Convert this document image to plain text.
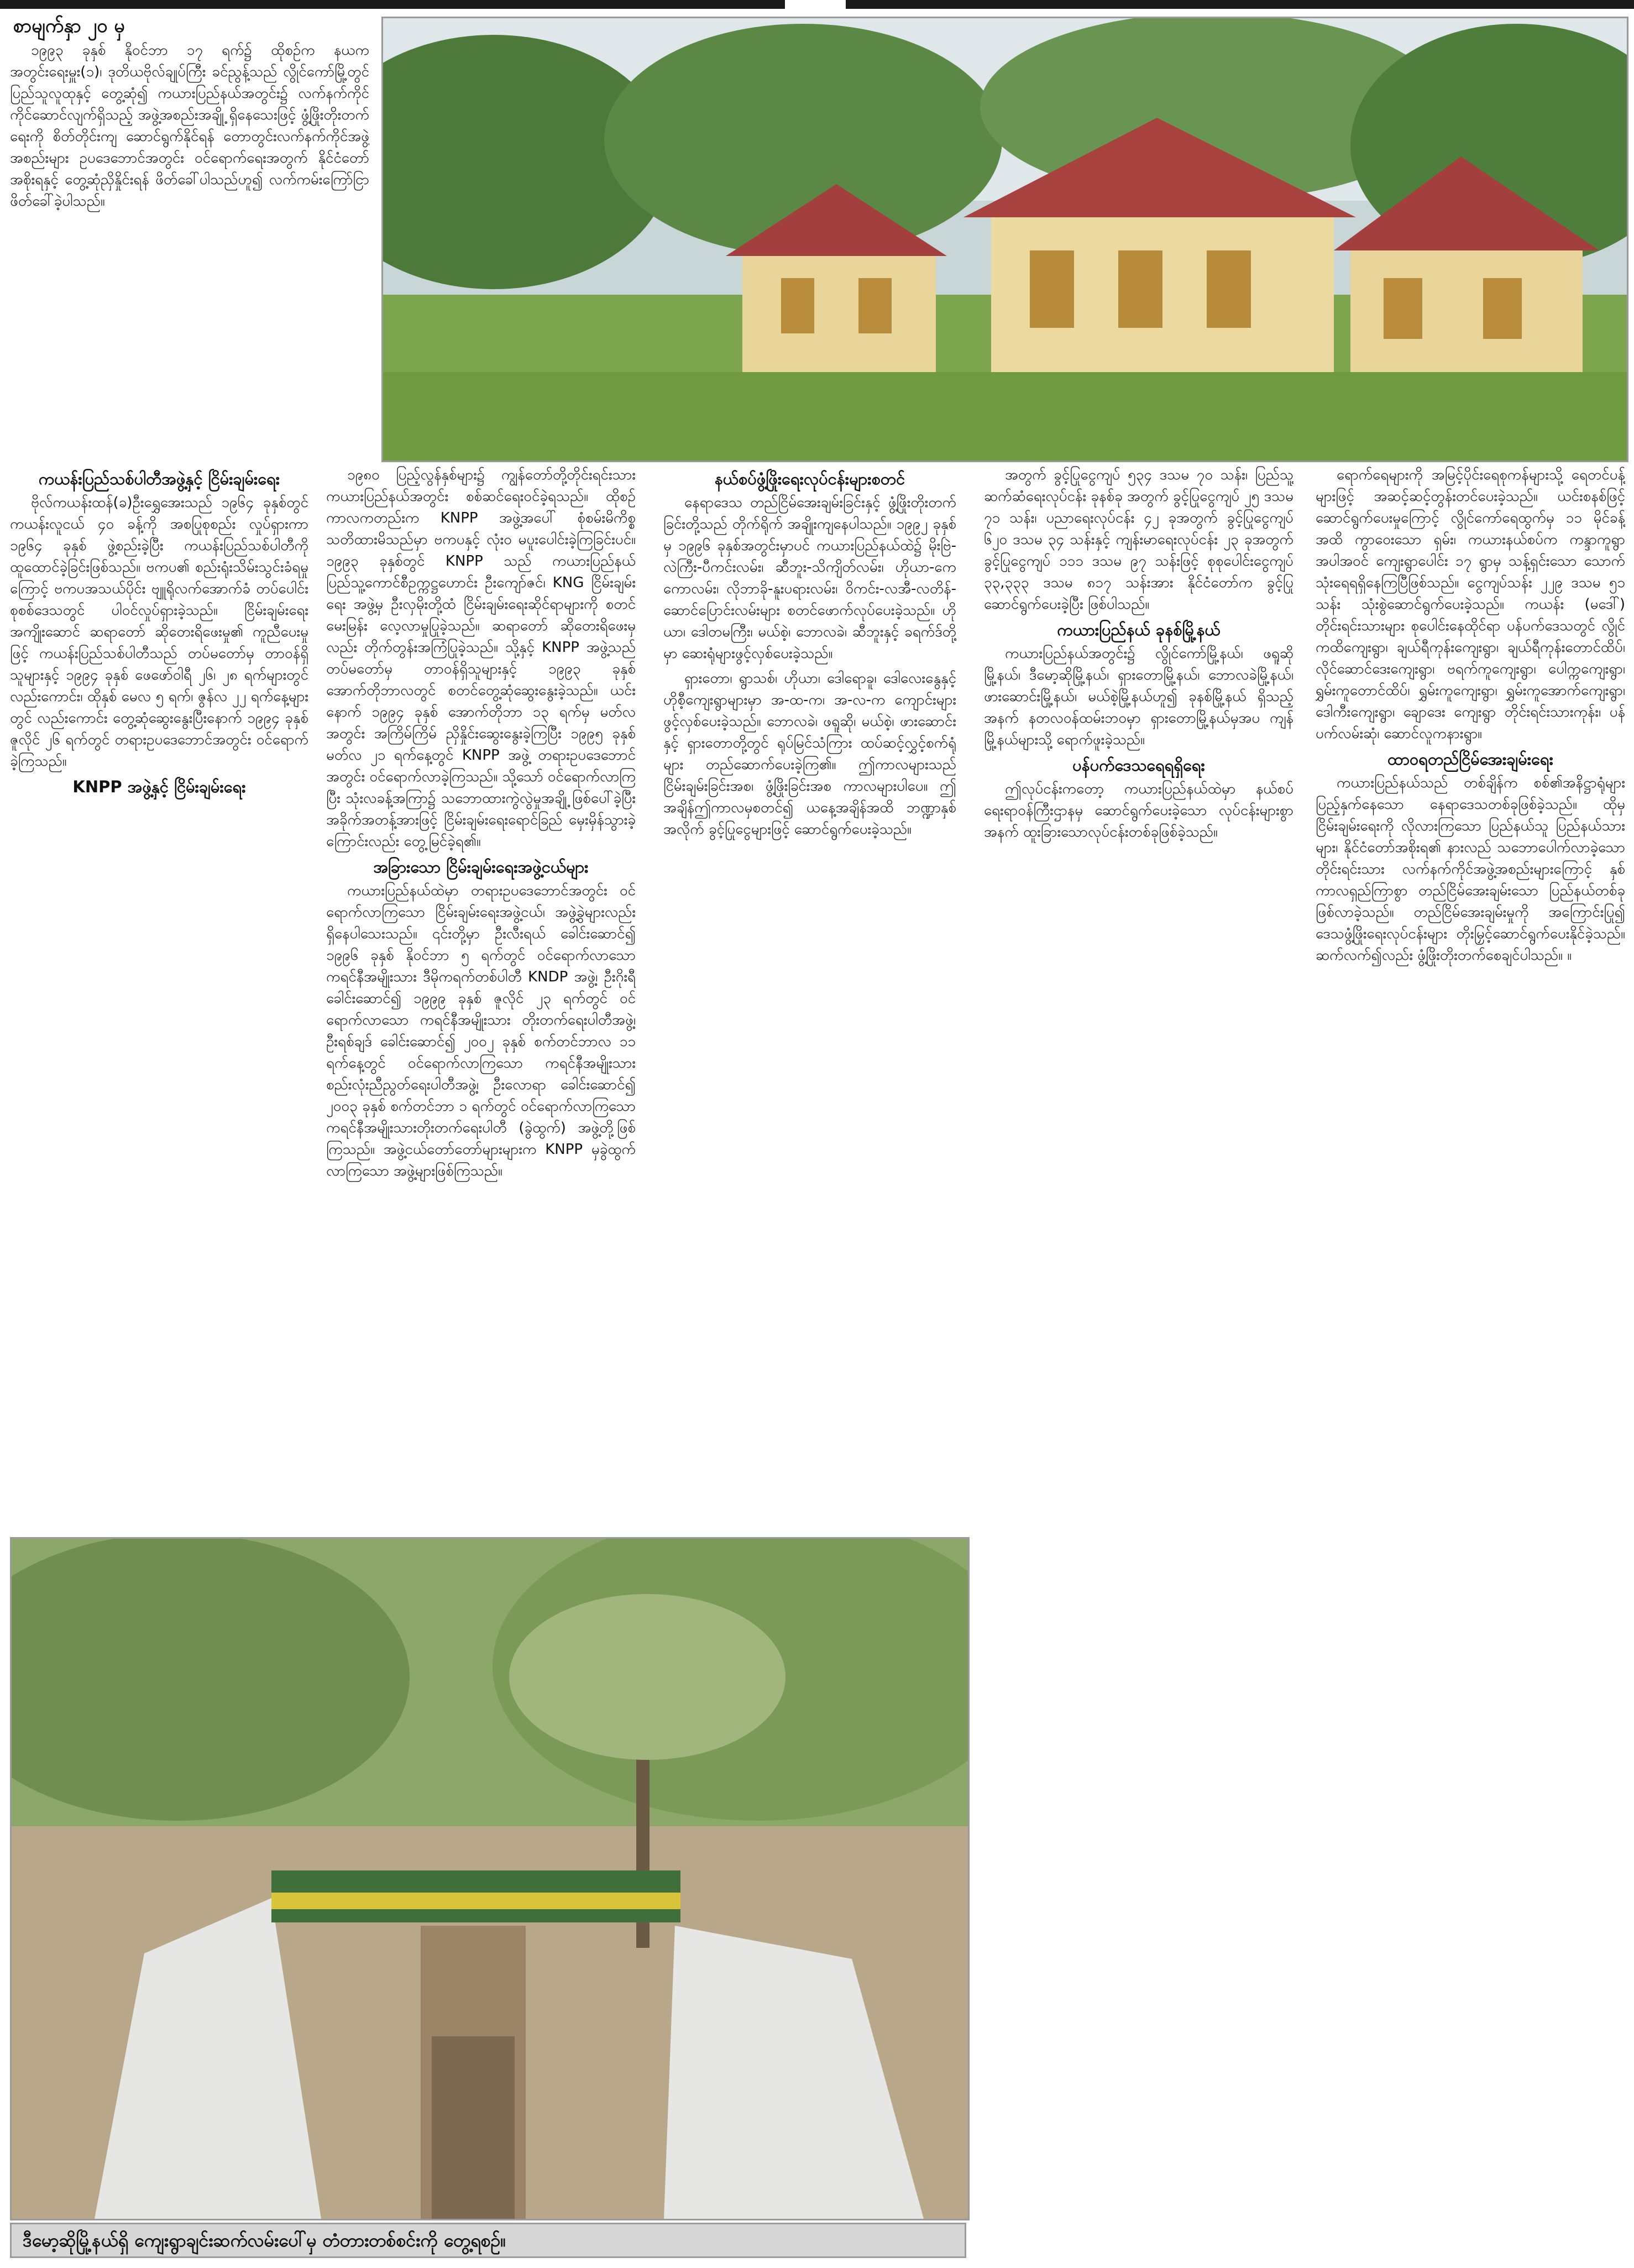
စာမျက်နှာ ၂၀ မှ
ဒီမော့ဆိုမြို့နယ်ရှိ ကျေးရွာချင်းဆက်လမ်းပေါ်မှ တံတားတစ်စင်းကို တွေ့ရစဉ်။

၁၉၉၃ ခုနှစ် နိုဝင်ဘာ ၁၇ ရက်၌ ထိုစဉ်က နယကအတွင်းရေးမှူး(၁)၊ ဒုတိယဗိုလ်ချုပ်ကြီး ခင်ညွန့်သည် လွိုင်ကော်မြို့တွင် ပြည်သူလူထုနှင့် တွေ့ဆုံ၍ ကယားပြည်နယ်အတွင်း၌ လက်နက်ကိုင်ကိုင်ဆောင်လျက်ရှိသည့် အဖွဲ့အစည်းအချို့ ရှိနေသေးဖြင့် ဖွံ့ဖြိုးတိုးတက်ရေးကို စိတ်တိုင်းကျ ဆောင်ရွက်နိုင်ရန် တောတွင်းလက်နက်ကိုင်အဖွဲ့အစည်းများ ဥပဒေဘောင်အတွင်း ဝင်ရောက်ရေးအတွက် နိုင်ငံတော်အစိုးရနှင့် တွေ့ဆုံညှိနှိုင်းရန် ဖိတ်ခေါ်ပါသည်ဟူ၍ လက်ကမ်းကြော်ငြာဖိတ်ခေါ်ခဲ့ပါသည်။

ကယန်းပြည်သစ်ပါတီအဖွဲ့နှင့် ငြိမ်းချမ်းရေး

ဗိုလ်ကယန်းထန်(ခ)ဦးရွှေအေးသည် ၁၉၆၄ ခုနှစ်တွင် ကယန်းလူငယ် ၄၀ ခန့်ကို အစပြုစုစည်း လှုပ်ရှားကာ ၁၉၆၄ ခုနှစ် ဖွဲ့စည်းခဲ့ပြီး ကယန်းပြည်သစ်ပါတီကို ထူထောင်ခဲ့ခြင်းဖြစ်သည်။ ဗကပ၏ စည်းရုံးသိမ်းသွင်းခံရမှုကြောင့် ဗကပအသယ်ပိုင်း ဗျူရိုလက်အောက်ခံ တပ်ပေါင်းစုစစ်ဒေသတွင် ပါဝင်လှုပ်ရှားခဲ့သည်။ ငြိမ်းချမ်းရေးအကျိုးဆောင် ဆရာတော် ဆိုတေးရိဖေးမှု၏ ကူညီပေးမှုဖြင့် ကယန်းပြည်သစ်ပါတီသည် တပ်မတော်မှ တာဝန်ရှိသူများနှင့် ၁၉၉၄ ခုနှစ် ဖေဖော်ဝါရီ ၂၆၊ ၂၈ ရက်များတွင်လည်းကောင်း၊ ထိုနှစ် မေလ ၅ ရက်၊ ဇွန်လ ၂၂ ရက်နေ့များတွင် လည်းကောင်း တွေ့ဆုံဆွေးနွေးပြီးနောက် ၁၉၉၄ ခုနှစ် ဇူလိုင် ၂၆ ရက်တွင် တရားဥပဒေဘောင်အတွင်း ဝင်ရောက်ခဲ့ကြသည်။

KNPP အဖွဲ့နှင့် ငြိမ်းချမ်းရေး

၁၉၈၀ ပြည့်လွန်နှစ်များ၌ ကျွန်တော်တို့တိုင်းရင်းသား ကယားပြည်နယ်အတွင်း စစ်ဆင်ရေးဝင်ခဲ့ရသည်။ ထိုစဉ်ကာလကတည်းက KNPP အဖွဲ့အပေါ် စုံစမ်းမိကိစ္စ သတိထားမိသည်မှာ ဗကပနှင့် လုံးဝ မပူးပေါင်းခဲ့ကြခြင်းပင်။ ၁၉၉၃ ခုနှစ်တွင် KNPP သည် ကယားပြည်နယ် ပြည်သူ့ကောင်စီဥက္ကဋ္ဌဟောင်း ဦးကျော်ဇင်၊ KNG ငြိမ်းချမ်းရေး အဖွဲ့မှ ဦးလှမိုးတို့ထံ ငြိမ်းချမ်းရေးဆိုင်ရာများကို စတင်မေးမြန်း လေ့လာမှုပြုခဲ့သည်။ ဆရာတော် ဆိုတေးရိဖေးမှ လည်း တိုက်တွန်းအကြံပြုခဲ့သည်။ သို့နှင့် KNPP အဖွဲ့သည် တပ်မတော်မှ တာဝန်ရှိသူများနှင့် ၁၉၉၃ ခုနှစ် အောက်တိုဘာလတွင် စတင်တွေ့ဆုံဆွေးနွေးခဲ့သည်။ ယင်းနောက် ၁၉၉၄ ခုနှစ် အောက်တိုဘာ ၁၃ ရက်မှ မတ်လအတွင်း အကြိမ်ကြိမ် ညှိနှိုင်းဆွေးနွေးခဲ့ကြပြီး ၁၉၉၅ ခုနှစ် မတ်လ ၂၁ ရက်နေ့တွင် KNPP အဖွဲ့ တရားဥပဒေဘောင်အတွင်း ဝင်ရောက်လာခဲ့ကြသည်။ သို့သော် ဝင်ရောက်လာကြပြီး သုံးလခန့်အကြာ၌ သဘောထားကွဲလွဲမှုအချို့ ဖြစ်ပေါ်ခဲ့ပြီး အခိုက်အတန့်အားဖြင့် ငြိမ်းချမ်းရေးရောင်ခြည် မှေးမှိန်သွားခဲ့ကြောင်းလည်း တွေ့မြင်ခဲ့ရ၏။

အခြားသော ငြိမ်းချမ်းရေးအဖွဲ့ငယ်များ

ကယားပြည်နယ်ထဲမှာ တရားဥပဒေဘောင်အတွင်း ဝင်ရောက်လာကြသော ငြိမ်းချမ်းရေးအဖွဲ့ငယ်၊ အဖွဲ့ခွဲများလည်း ရှိနေပါသေးသည်။ ၎င်းတို့မှာ ဦးလီးရယ် ခေါင်းဆောင်၍ ၁၉၉၆ ခုနှစ် နိုဝင်ဘာ ၅ ရက်တွင် ဝင်ရောက်လာသော ကရင်နီအမျိုးသား ဒီမိုကရက်တစ်ပါတီ KNDP အဖွဲ့၊ ဦးဂိုးရီ ခေါင်းဆောင်၍ ၁၉၉၉ ခုနှစ် ဇူလိုင် ၂၃ ရက်တွင် ဝင်ရောက်လာသော ကရင်နီအမျိုးသား တိုးတက်ရေးပါတီအဖွဲ့၊ ဦးရစ်ချဒ် ခေါင်းဆောင်၍ ၂၀၀၂ ခုနှစ် စက်တင်ဘာလ ၁၁ ရက်နေ့တွင် ဝင်ရောက်လာကြသော ကရင်နီအမျိုးသားစည်းလုံးညီညွတ်ရေးပါတီအဖွဲ့၊ ဦးလောရာ ခေါင်းဆောင်၍ ၂၀၀၃ ခုနှစ် စက်တင်ဘာ ၁ ရက်တွင် ဝင်ရောက်လာကြသော ကရင်နီအမျိုးသားတိုးတက်ရေးပါတီ (ခွဲထွက်) အဖွဲ့တို့ဖြစ်ကြသည်။ အဖွဲ့ငယ်တော်တော်များများက KNPP မှခွဲထွက်လာကြသော အဖွဲ့များဖြစ်ကြသည်။

နယ်စပ်ဖွံ့ဖြိုးရေးလုပ်ငန်းများစတင်

နေရာဒေသ တည်ငြိမ်အေးချမ်းခြင်းနှင့် ဖွံ့ဖြိုးတိုးတက်ခြင်းတို့သည် တိုက်ရိုက် အချိုးကျနေပါသည်။ ၁၉၉၂ ခုနှစ်မှ ၁၉၉၆ ခုနှစ်အတွင်းမှာပင် ကယားပြည်နယ်ထဲ၌ မိုးဗြဲ-လဲကြီး-ပီကင်းလမ်း၊ ဆီဘူး-သိကျိတ်လမ်း၊ ဟိုယာ-ကေကောလမ်း၊ လိုဘာခို-နူးပရားလမ်း၊ ဝိကင်း-လအီ-လတိန်-ဆောင်ပြောင်းလမ်းများ စတင်ဖောက်လုပ်ပေးခဲ့သည်။ ဟိုယာ၊ ဒေါတမကြီး၊ မယ်စဲ့၊ ဘောလခဲ၊ ဆီဘူးနှင့် ခရက်ဒ်တို့မှာ ဆေးရုံများဖွင့်လှစ်ပေးခဲ့သည်။

ရှားတော၊ ရွာသစ်၊ ဟိုယာ၊ ဒေါရောခူ၊ ဒေါလေးနွေနှင့် ဟိုစီ့ကျေးရွာများမှာ အ-ထ-က၊ အ-လ-က ကျောင်းများ ဖွင့်လှစ်ပေးခဲ့သည်။ ဘောလခဲ၊ ဖရူဆို၊ မယ်စဲ့၊ ဖားဆောင်းနှင့် ရှားတောတို့တွင် ရုပ်မြင်သံကြား ထပ်ဆင့်လွှင့်စက်ရုံများ တည်ဆောက်ပေးခဲ့ကြ၏။ ဤကာလများသည် ငြိမ်းချမ်းခြင်းအစ၊ ဖွံ့ဖြိုးခြင်းအစ ကာလများပါပေ။ ဤအချိန်ဤကာလမှစတင်၍ ယနေ့အချိန်အထိ ဘဏ္ဍာနှစ်အလိုက် ခွင့်ပြုငွေများဖြင့် ဆောင်ရွက်ပေးခဲ့သည်။

အတွက် ခွင့်ပြုငွေကျပ် ၅၃၄ ဒသမ ၇၀ သန်း၊ ပြည်သူ့ဆက်ဆံရေးလုပ်ငန်း ခုနစ်ခု အတွက် ခွင့်ပြုငွေကျပ် ၂၅ ဒသမ ၇၁ သန်း၊ ပညာရေးလုပ်ငန်း ၄၂ ခုအတွက် ခွင့်ပြုငွေကျပ် ၆၂၀ ဒသမ ၃၄ သန်းနှင့် ကျန်းမာရေးလုပ်ငန်း ၂၃ ခုအတွက် ခွင့်ပြုငွေကျပ် ၁၁၁ ဒသမ ၉၇ သန်းဖြင့် စုစုပေါင်းငွေကျပ် ၃၃,၃၃၃ ဒသမ ၈၁၇ သန်းအား နိုင်ငံတော်က ခွင့်ပြုဆောင်ရွက်ပေးခဲ့ပြီး ဖြစ်ပါသည်။

ကယားပြည်နယ် ခုနစ်မြို့နယ်

ကယားပြည်နယ်အတွင်း၌ လွိုင်ကော်မြို့နယ်၊ ဖရူဆိုမြို့နယ်၊ ဒီမော့ဆိုမြို့နယ်၊ ရှားတောမြို့နယ်၊ ဘောလခဲမြို့နယ်၊ ဖားဆောင်းမြို့နယ်၊ မယ်စဲ့မြို့နယ်ဟူ၍ ခုနစ်မြို့နယ် ရှိသည့်အနက် နတလဝန်ထမ်းဘဝမှာ ရှားတောမြို့နယ်မှအပ ကျန်မြို့နယ်များသို့ ရောက်ဖူးခဲ့သည်။

ပန်ပက်ဒေသရေရရှိရေး

ဤလုပ်ငန်းကတော့ ကယားပြည်နယ်ထဲမှာ နယ်စပ်ရေးရာဝန်ကြီးဌာနမှ ဆောင်ရွက်ပေးခဲ့သော လုပ်ငန်းများစွာအနက် ထူးခြားသောလုပ်ငန်းတစ်ခုဖြစ်ခဲ့သည်။

ရောက်ရေများကို အမြင့်ပိုင်းရေစုကန်များသို့ ရေတင်ပန့်များဖြင့် အဆင့်ဆင့်တွန်းတင်ပေးခဲ့သည်။ ယင်းစနစ်ဖြင့် ဆောင်ရွက်ပေးမှုကြောင့် လွိုင်ကော်ရေထွက်မှ ၁၁ မိုင်ခန့်အထိ ကွာဝေးသော ရှမ်း၊ ကယားနယ်စပ်က ကန္ဒာကူရွာ အပါအဝင် ကျေးရွာပေါင်း ၁၇ ရွာမှ သန့်ရှင်းသော သောက်သုံးရေရရှိနေကြပြီဖြစ်သည်။ ငွေကျပ်သန်း ၂၂၉ ဒသမ ၅၁ သန်း သုံးစွဲဆောင်ရွက်ပေးခဲ့သည်။ ကယန်း (မဒေါ်) တိုင်းရင်းသားများ စုပေါင်းနေထိုင်ရာ ပန်ပက်ဒေသတွင် လွိုင်ကထိကျေးရွာ၊ ချယ်ရီကုန်းကျေးရွာ၊ ချယ်ရီကုန်းတောင်ထိပ်၊ လိုင်ဆောင်ဒေးကျေးရွာ၊ ဗရက်ကူကျေးရွာ၊ ပေါက္ကကျေးရွာ၊ ရွှမ်းကူတောင်ထိပ်၊ ရွှမ်းကူကျေးရွာ၊ ရွှမ်းကူအောက်ကျေးရွာ၊ ဒေါကီးကျေးရွာ၊ ချောဒေး ကျေးရွာ တိုင်းရင်းသားကုန်း၊ ပန်ပက်လမ်းဆုံ၊ ဆောင်လူကနားရွာ။

ထာဝရတည်ငြိမ်အေးချမ်းရေး

ကယားပြည်နယ်သည် တစ်ချိန်က စစ်၏အနိဋ္ဌာရုံများ ပြည့်နှက်နေသော နေရာဒေသတစ်ခုဖြစ်ခဲ့သည်။ ထိုမှ ငြိမ်းချမ်းရေးကို လိုလားကြသော ပြည်နယ်သူ ပြည်နယ်သားများ၊ နိုင်ငံတော်အစိုးရ၏ နားလည် သဘောပေါက်လာခဲ့သော တိုင်းရင်းသား လက်နက်ကိုင်အဖွဲ့အစည်းများကြောင့် နှစ်ကာလရှည်ကြာစွာ တည်ငြိမ်အေးချမ်းသော ပြည်နယ်တစ်ခု ဖြစ်လာခဲ့သည်။ တည်ငြိမ်အေးချမ်းမှုကို အကြောင်းပြု၍ ဒေသဖွံ့ဖြိုးရေးလုပ်ငန်းများ တိုးမြှင့်ဆောင်ရွက်ပေးနိုင်ခဲ့သည်။ ဆက်လက်၍လည်း ဖွံ့ဖြိုးတိုးတက်စေချင်ပါသည်။ ။
